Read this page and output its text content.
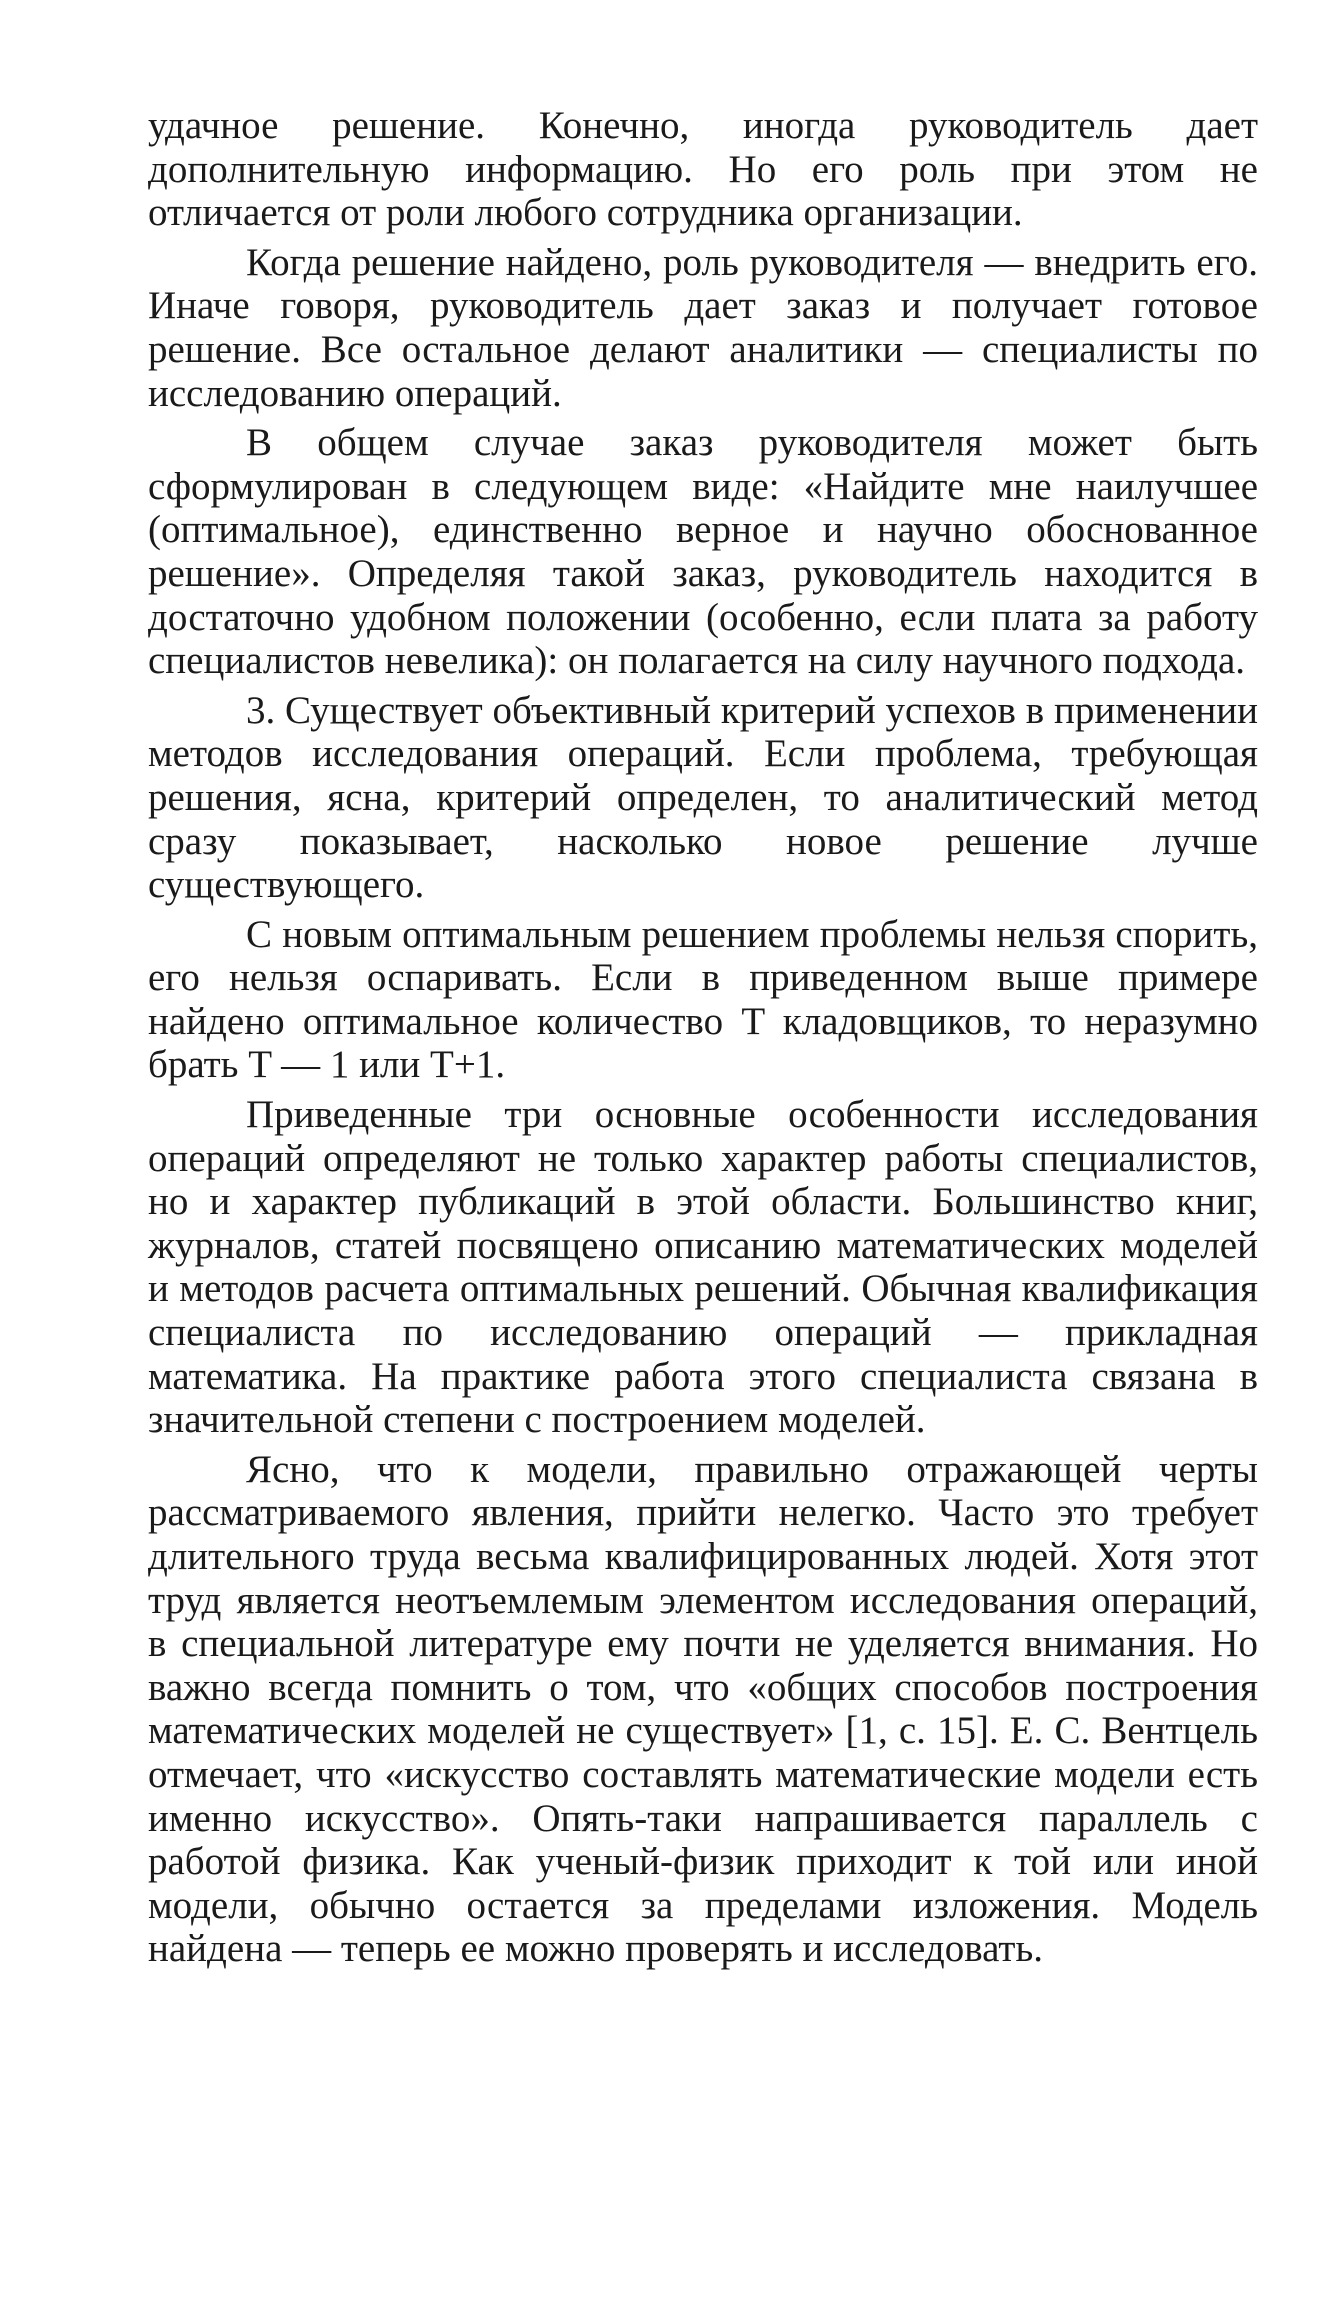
удачное решение. Конечно, иногда руководитель дает дополнительную информацию. Но его роль при этом не отличается от роли любого сотрудника организации.

Когда решение найдено, роль руководителя — внедрить его. Иначе говоря, руководитель дает заказ и получает готовое решение. Все остальное делают аналитики — специалисты по исследованию операций.

В общем случае заказ руководителя может быть сформулирован в следующем виде: «Найдите мне наилучшее (оптимальное), единственно верное и научно обоснованное решение». Определяя такой заказ, руководитель находится в достаточно удобном положении (особенно, если плата за работу специалистов невелика): он полагается на силу научного подхода.

3. Существует объективный критерий успехов в применении методов исследования операций. Если проблема, требующая решения, ясна, критерий определен, то аналитический метод сразу показывает, насколько новое решение лучше существующего.

С новым оптимальным решением проблемы нельзя спорить, его нельзя оспаривать. Если в приведенном выше примере найдено оптимальное количество T кладовщиков, то неразумно брать T — 1 или T+1.

Приведенные три основные особенности исследования операций определяют не только характер работы специалистов, но и характер публикаций в этой области. Большинство книг, журналов, статей посвящено описанию математических моделей и методов расчета оптимальных решений. Обычная квалификация специалиста по исследованию операций — прикладная математика. На практике работа этого специалиста связана в значительной степени с построением моделей.

Ясно, что к модели, правильно отражающей черты рассматриваемого явления, прийти нелегко. Часто это требует длительного труда весьма квалифицированных людей. Хотя этот труд является неотъемлемым элементом исследования операций, в специальной литературе ему почти не уделяется внимания. Но важно всегда помнить о том, что «общих способов построения математических моделей не существует» [1, с. 15]. Е. С. Вентцель отмечает, что «искусство составлять математические модели есть именно искусство». Опять-таки напрашивается параллель с работой физика. Как ученый-физик приходит к той или иной модели, обычно остается за пределами изложения. Модель найдена — теперь ее можно проверять и исследовать.
